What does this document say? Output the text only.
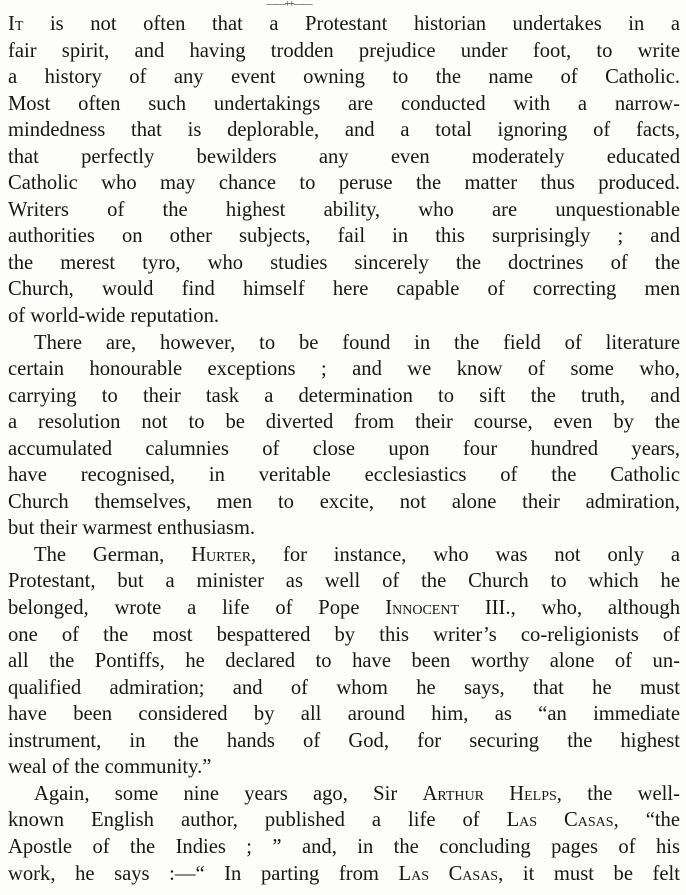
——++——
It is not often that a Protestant historian undertakes in a
fair spirit, and having trodden prejudice under foot, to write
a history of any event owning to the name of Catholic.
Most often such undertakings are conducted with a narrow-
mindedness that is deplorable, and a total ignoring of facts,
that perfectly bewilders any even moderately educated
Catholic who may chance to peruse the matter thus produced.
Writers of the highest ability, who are unquestionable
authorities on other subjects, fail in this surprisingly ; and
the merest tyro, who studies sincerely the doctrines of the
Church, would find himself here capable of correcting men
of world-wide reputation.
There are, however, to be found in the field of literature
certain honourable exceptions ; and we know of some who,
carrying to their task a determination to sift the truth, and
a resolution not to be diverted from their course, even by the
accumulated calumnies of close upon four hundred years,
have recognised, in veritable ecclesiastics of the Catholic
Church themselves, men to excite, not alone their admiration,
but their warmest enthusiasm.
The German, Hurter, for instance, who was not only a
Protestant, but a minister as well of the Church to which he
belonged, wrote a life of Pope Innocent III., who, although
one of the most bespattered by this writer’s co-religionists of
all the Pontiffs, he declared to have been worthy alone of un-
qualified admiration; and of whom he says, that he must
have been considered by all around him, as “an immediate
instrument, in the hands of God, for securing the highest
weal of the community.”
Again, some nine years ago, Sir Arthur Helps, the well-
known English author, published a life of Las Casas, “the
Apostle of the Indies ; ” and, in the concluding pages of his
work, he says :—“ In parting from Las Casas, it must be felt
